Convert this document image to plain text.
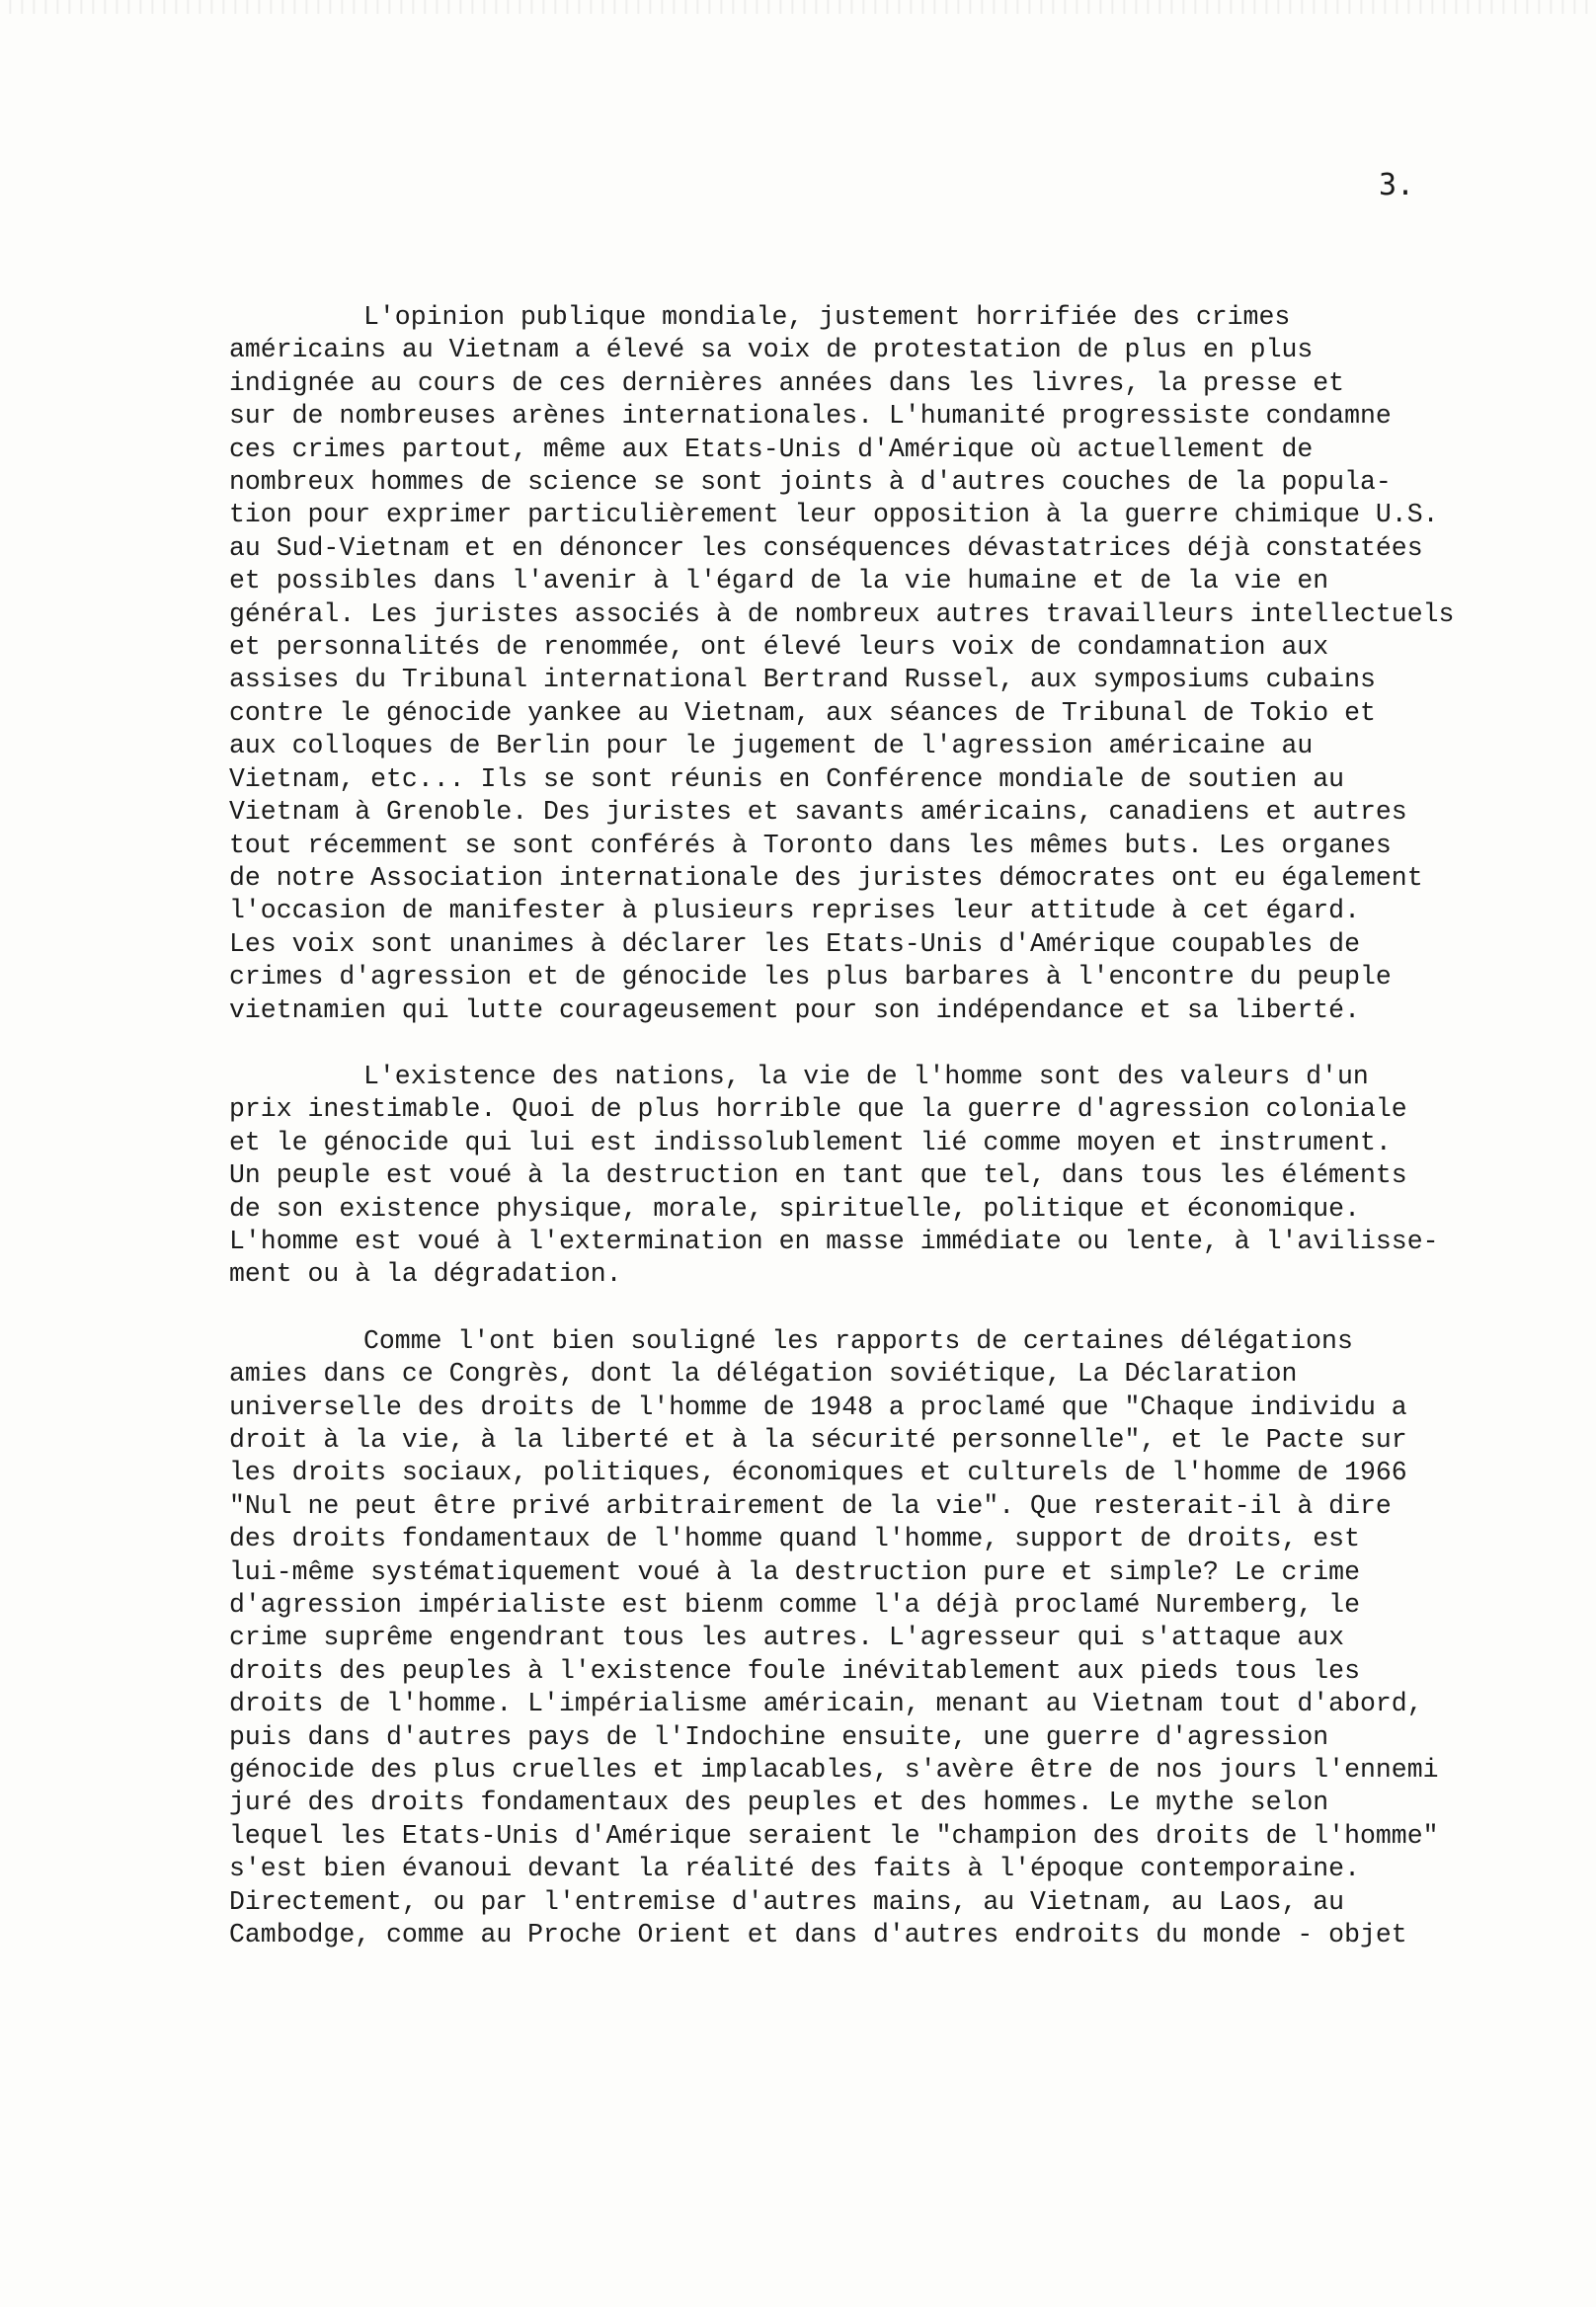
3.
L'opinion publique mondiale, justement horrifiée des crimes
américains au Vietnam a élevé sa voix de protestation de plus en plus
indignée au cours de ces dernières années dans les livres, la presse et
sur de nombreuses arènes internationales. L'humanité progressiste condamne
ces crimes partout, même aux Etats-Unis d'Amérique où actuellement de
nombreux hommes de science se sont joints à d'autres couches de la popula-
tion pour exprimer particulièrement leur opposition à la guerre chimique U.S.
au Sud-Vietnam et en dénoncer les conséquences dévastatrices déjà constatées
et possibles dans l'avenir à l'égard de la vie humaine et de la vie en
général. Les juristes associés à de nombreux autres travailleurs intellectuels
et personnalités de renommée, ont élevé leurs voix de condamnation aux
assises du Tribunal international Bertrand Russel, aux symposiums cubains
contre le génocide yankee au Vietnam, aux séances de Tribunal de Tokio et
aux colloques de Berlin pour le jugement de l'agression américaine au
Vietnam, etc... Ils se sont réunis en Conférence mondiale de soutien au
Vietnam à Grenoble. Des juristes et savants américains, canadiens et autres
tout récemment se sont conférés à Toronto dans les mêmes buts. Les organes
de notre Association internationale des juristes démocrates ont eu également
l'occasion de manifester à plusieurs reprises leur attitude à cet égard.
Les voix sont unanimes à déclarer les Etats-Unis d'Amérique coupables de
crimes d'agression et de génocide les plus barbares à l'encontre du peuple
vietnamien qui lutte courageusement pour son indépendance et sa liberté.
L'existence des nations, la vie de l'homme sont des valeurs d'un
prix inestimable. Quoi de plus horrible que la guerre d'agression coloniale
et le génocide qui lui est indissolublement lié comme moyen et instrument.
Un peuple est voué à la destruction en tant que tel, dans tous les éléments
de son existence physique, morale, spirituelle, politique et économique.
L'homme est voué à l'extermination en masse immédiate ou lente, à l'avilisse-
ment ou à la dégradation.
Comme l'ont bien souligné les rapports de certaines délégations
amies dans ce Congrès, dont la délégation soviétique, La Déclaration
universelle des droits de l'homme de 1948 a proclamé que "Chaque individu a
droit à la vie, à la liberté et à la sécurité personnelle", et le Pacte sur
les droits sociaux, politiques, économiques et culturels de l'homme de 1966
"Nul ne peut être privé arbitrairement de la vie". Que resterait-il à dire
des droits fondamentaux de l'homme quand l'homme, support de droits, est
lui-même systématiquement voué à la destruction pure et simple? Le crime
d'agression impérialiste est bienm comme l'a déjà proclamé Nuremberg, le
crime suprême engendrant tous les autres. L'agresseur qui s'attaque aux
droits des peuples à l'existence foule inévitablement aux pieds tous les
droits de l'homme. L'impérialisme américain, menant au Vietnam tout d'abord,
puis dans d'autres pays de l'Indochine ensuite, une guerre d'agression
génocide des plus cruelles et implacables, s'avère être de nos jours l'ennemi
juré des droits fondamentaux des peuples et des hommes. Le mythe selon
lequel les Etats-Unis d'Amérique seraient le "champion des droits de l'homme"
s'est bien évanoui devant la réalité des faits à l'époque contemporaine.
Directement, ou par l'entremise d'autres mains, au Vietnam, au Laos, au
Cambodge, comme au Proche Orient et dans d'autres endroits du monde - objet
